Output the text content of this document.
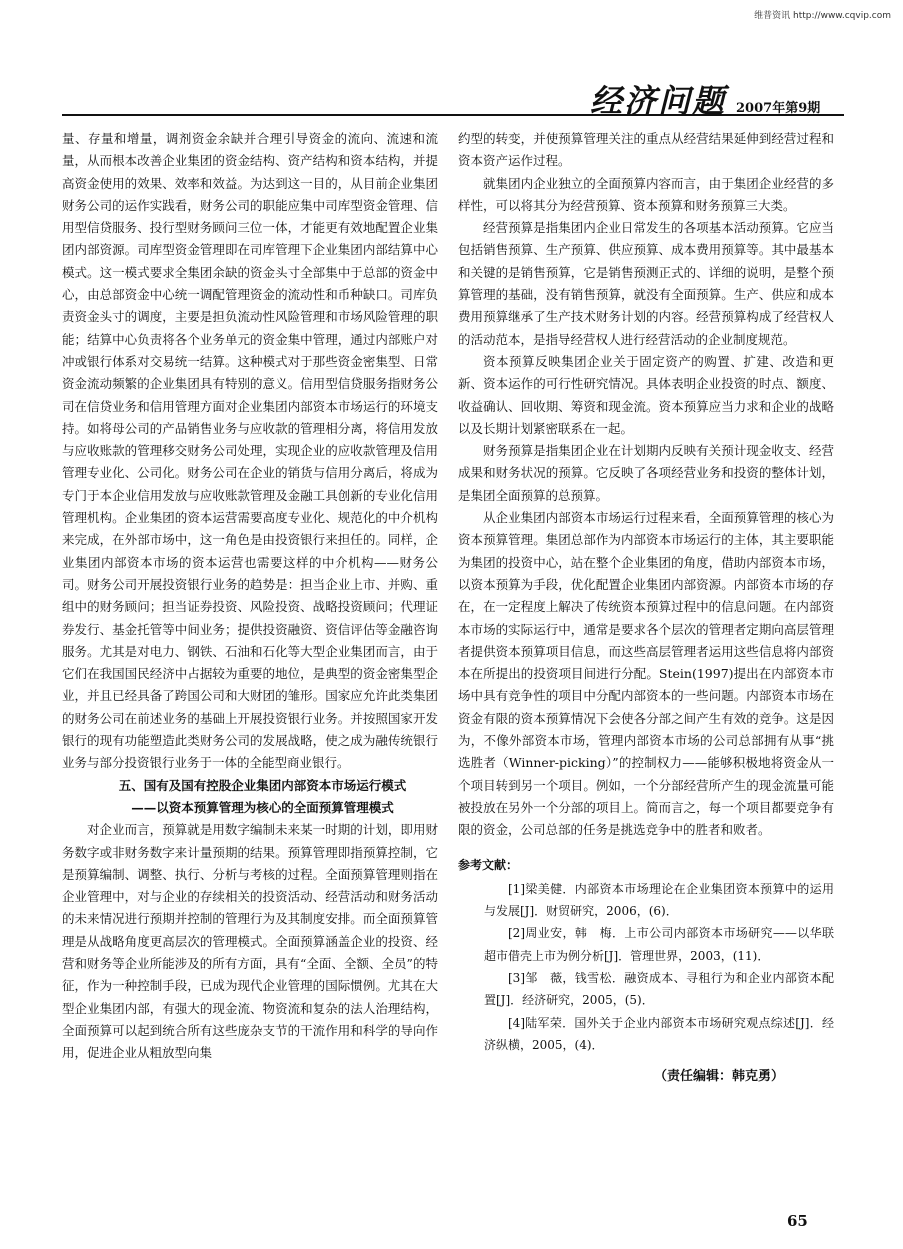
维普资讯 http://www.cqvip.com
经济问题 2007年第9期

量、存量和增量，调剂资金余缺并合理引导资金的流向、流速和流量，从而根本改善企业集团的资金结构、资产结构和资本结构，并提高资金使用的效果、效率和效益。为达到这一目的，从目前企业集团财务公司的运作实践看，财务公司的职能应集中司库型资金管理、信用型信贷服务、投行型财务顾问三位一体，才能更有效地配置企业集团内部资源。司库型资金管理即在司库管理下企业集团内部结算中心模式。这一模式要求全集团余缺的资金头寸全部集中于总部的资金中心，由总部资金中心统一调配管理资金的流动性和币种缺口。司库负责资金头寸的调度，主要是担负流动性风险管理和市场风险管理的职能；结算中心负责将各个业务单元的资金集中管理，通过内部账户对冲或银行体系对交易统一结算。这种模式对于那些资金密集型、日常资金流动频繁的企业集团具有特别的意义。信用型信贷服务指财务公司在信贷业务和信用管理方面对企业集团内部资本市场运行的环境支持。如将母公司的产品销售业务与应收款的管理相分离，将信用发放与应收账款的管理移交财务公司处理，实现企业的应收款管理及信用管理专业化、公司化。财务公司在企业的销货与信用分离后，将成为专门于本企业信用发放与应收账款管理及金融工具创新的专业化信用管理机构。企业集团的资本运营需要高度专业化、规范化的中介机构来完成，在外部市场中，这一角色是由投资银行来担任的。同样，企业集团内部资本市场的资本运营也需要这样的中介机构——财务公司。财务公司开展投资银行业务的趋势是：担当企业上市、并购、重组中的财务顾问；担当证券投资、风险投资、战略投资顾问；代理证券发行、基金托管等中间业务；提供投资融资、资信评估等金融咨询服务。尤其是对电力、钢铁、石油和石化等大型企业集团而言，由于它们在我国国民经济中占据较为重要的地位，是典型的资金密集型企业，并且已经具备了跨国公司和大财团的雏形。国家应允许此类集团的财务公司在前述业务的基础上开展投资银行业务。并按照国家开发银行的现有功能塑造此类财务公司的发展战略，使之成为融传统银行业务与部分投资银行业务于一体的全能型商业银行。

五、国有及国有控股企业集团内部资本市场运行模式

——以资本预算管理为核心的全面预算管理模式

对企业而言，预算就是用数字编制未来某一时期的计划，即用财务数字或非财务数字来计量预期的结果。预算管理即指预算控制，它是预算编制、调整、执行、分析与考核的过程。全面预算管理则指在企业管理中，对与企业的存续相关的投资活动、经营活动和财务活动的未来情况进行预期并控制的管理行为及其制度安排。而全面预算管理是从战略角度更高层次的管理模式。全面预算涵盖企业的投资、经营和财务等企业所能涉及的所有方面，具有“全面、全额、全员”的特征，作为一种控制手段，已成为现代企业管理的国际惯例。尤其在大型企业集团内部，有强大的现金流、物资流和复杂的法人治理结构，全面预算可以起到统合所有这些庞杂支节的干流作用和科学的导向作用，促进企业从粗放型向集

约型的转变，并使预算管理关注的重点从经营结果延伸到经营过程和资本资产运作过程。

就集团内企业独立的全面预算内容而言，由于集团企业经营的多样性，可以将其分为经营预算、资本预算和财务预算三大类。

经营预算是指集团内企业日常发生的各项基本活动预算。它应当包括销售预算、生产预算、供应预算、成本费用预算等。其中最基本和关键的是销售预算，它是销售预测正式的、详细的说明，是整个预算管理的基础，没有销售预算，就没有全面预算。生产、供应和成本费用预算继承了生产技术财务计划的内容。经营预算构成了经营权人的活动范本，是指导经营权人进行经营活动的企业制度规范。

资本预算反映集团企业关于固定资产的购置、扩建、改造和更新、资本运作的可行性研究情况。具体表明企业投资的时点、额度、收益确认、回收期、筹资和现金流。资本预算应当力求和企业的战略以及长期计划紧密联系在一起。

财务预算是指集团企业在计划期内反映有关预计现金收支、经营成果和财务状况的预算。它反映了各项经营业务和投资的整体计划，是集团全面预算的总预算。

从企业集团内部资本市场运行过程来看，全面预算管理的核心为资本预算管理。集团总部作为内部资本市场运行的主体，其主要职能为集团的投资中心，站在整个企业集团的角度，借助内部资本市场，以资本预算为手段，优化配置企业集团内部资源。内部资本市场的存在，在一定程度上解决了传统资本预算过程中的信息问题。在内部资本市场的实际运行中，通常是要求各个层次的管理者定期向高层管理者提供资本预算项目信息，而这些高层管理者运用这些信息将内部资本在所提出的投资项目间进行分配。Stein(1997)提出在内部资本市场中具有竞争性的项目中分配内部资本的一些问题。内部资本市场在资金有限的资本预算情况下会使各分部之间产生有效的竞争。这是因为，不像外部资本市场，管理内部资本市场的公司总部拥有从事“挑选胜者（Winner-picking）”的控制权力——能够积极地将资金从一个项目转到另一个项目。例如，一个分部经营所产生的现金流量可能被投放在另外一个分部的项目上。简而言之，每一个项目都要竞争有限的资金，公司总部的任务是挑选竞争中的胜者和败者。

参考文献：

[1]梁美健．内部资本市场理论在企业集团资本预算中的运用与发展[J]．财贸研究，2006，(6)．

[2]周业安，韩　梅．上市公司内部资本市场研究——以华联超市借壳上市为例分析[J]．管理世界，2003，(11)．

[3]邹　薇，钱雪松．融资成本、寻租行为和企业内部资本配置[J]．经济研究，2005，(5)．

[4]陆军荣．国外关于企业内部资本市场研究观点综述[J]．经济纵横，2005，(4)．

（责任编辑：韩克勇）
65
